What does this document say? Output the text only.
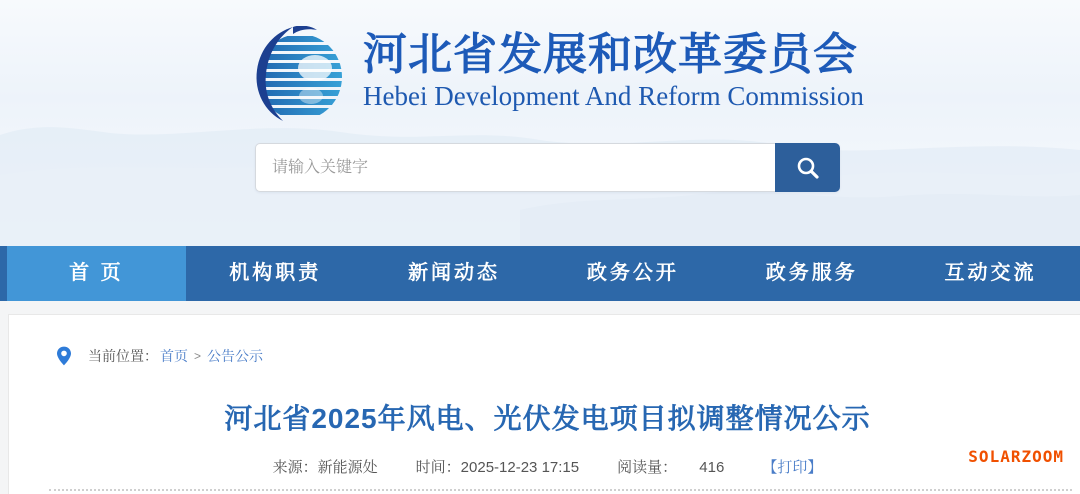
河北省发展和改革委员会
Hebei Development And Reform Commission
请输入关键字
首 页	机构职责	新闻动态	政务公开	政务服务	互动交流
当前位置： 首页 > 公告公示
河北省2025年风电、光伏发电项目拟调整情况公示
来源：新能源处	时间：2025-12-23 17:15	阅读量： 416	【打印】
SOLARZOOM
